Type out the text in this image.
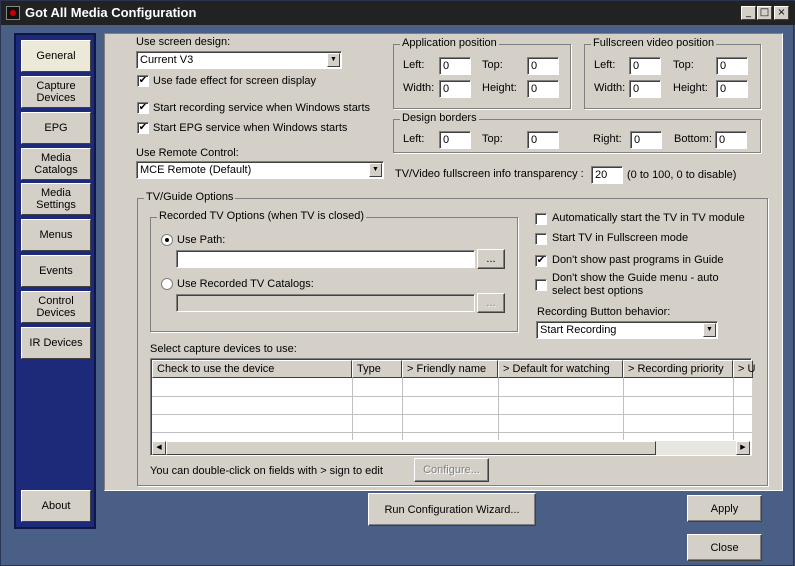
Got All Media Configuration	_ □ ×
General
Capture Devices
EPG
Media Catalogs
Media Settings
Menus
Events
Control Devices
IR Devices
About
Use screen design:
Current V3	▼
✔ Use fade effect for screen display
✔ Start recording service when Windows starts
✔ Start EPG service when Windows starts
Use Remote Control:
MCE Remote (Default)	▼
Application position
Left:	0	Top:	0
Width: 0	Height:	0
Fullscreen video position
Left:	0	Top:	0
Width: 0	Height:	0
Design borders
Left:	0	Top:	0	Right:	0	Bottom: 0
TV/Video fullscreen info transparency :	20	(0 to 100, 0 to disable)
TV/Guide Options
Recorded TV Options (when TV is closed)
Use Path:
...
Use Recorded TV Catalogs:
...
Automatically start the TV in TV module
Start TV in Fullscreen mode
✔ Don't show past programs in Guide
Don't show the Guide menu - auto
select best options
Recording Button behavior:
Start Recording	▼
Select capture devices to use:
Check to use the device	Type	> Friendly name	> Default for watching	> Recording priority	> U
◀	▶
You can double-click on fields with > sign to edit	Configure...
Run Configuration Wizard...	Apply
Close
